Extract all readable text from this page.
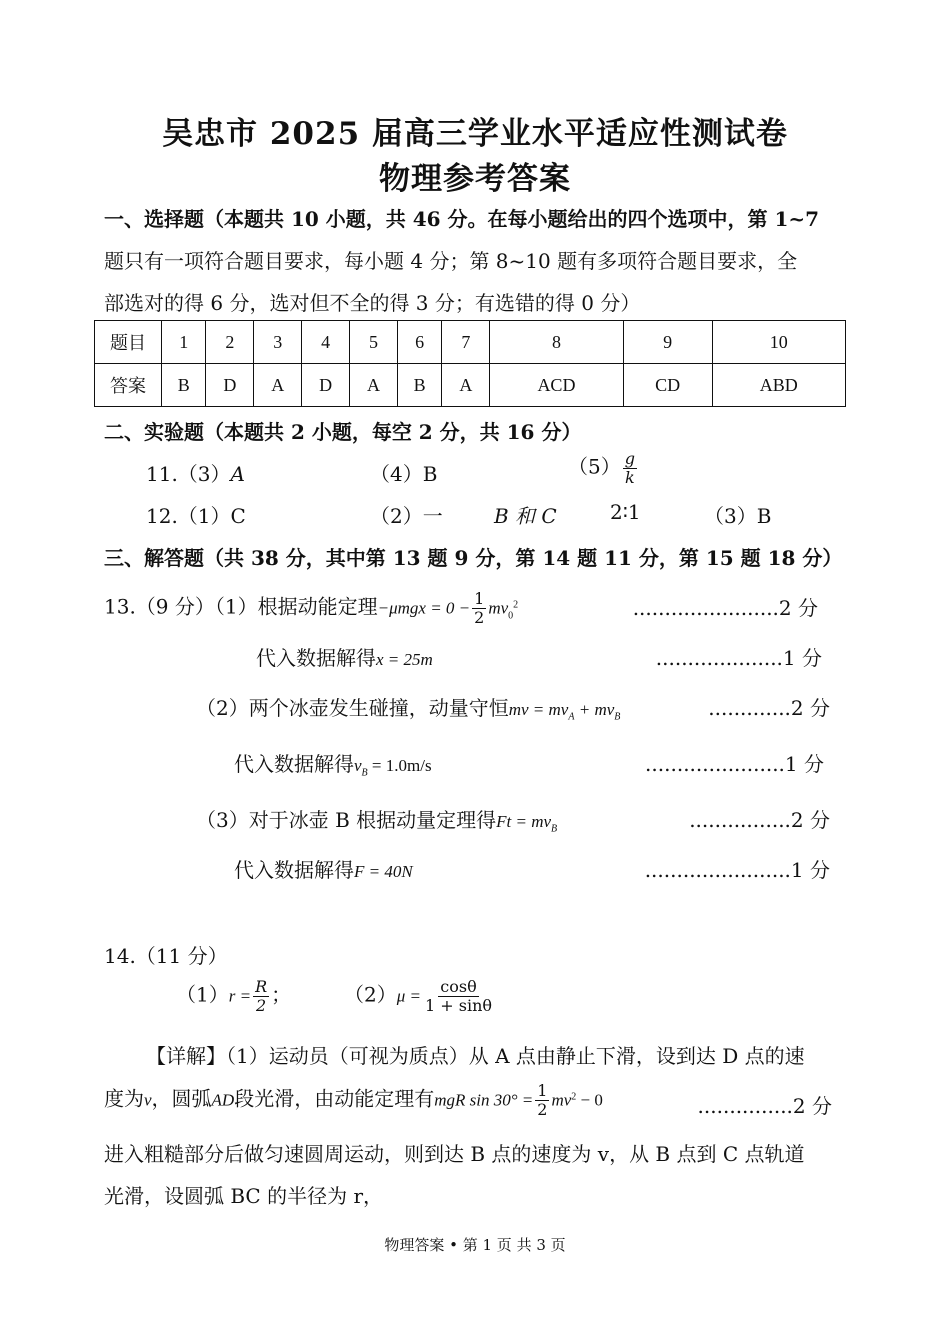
吴忠市 2025 届高三学业水平适应性测试卷
物理参考答案
一、选择题（本题共 10 小题，共 46 分。在每小题给出的四个选项中，第 1~7
题只有一项符合题目要求，每小题 4 分；第 8~10 题有多项符合题目要求，全
部选对的得 6 分，选对但不全的得 3 分；有选错的得 0 分）
题目	1	2	3	4	5	6	7	8	9	10
答案	B	D	A	D	A	B	A	ACD	CD	ABD
二、实验题（本题共 2 小题，每空 2 分，共 16 分）
11.（3）A	（4）B	$(5) \frac{g}{k}$
12.（1）C	（2）一	B 和 C	2∶1	（3）B
三、解答题（共 38 分，其中第 13 题 9 分，第 14 题 11 分，第 15 题 18 分）
13.（9 分）（1）根据动能定理$-\mu mgx = 0 - \frac{1}{2} mv_0^2$	.......................2 分
代入数据解得x = 25m	....................1 分
（2）两个冰壶发生碰撞，动量守恒mv = $mv_A + mv_B$	.............2 分
代入数据解得$v_B = 1.0m/s$	......................1 分
（3）对于冰壶 B 根据动量定理得$Ft = mv_B$	................2 分
代入数据解得F = 40N	.......................1 分
14.（11 分）
$(1)r = \frac{R}{2}$ ；	$(2)\mu = \frac{\cos\theta}{1 + \sin\theta}$
【详解】（1）运动员（可视为质点）从 A 点由静止下滑，设到达 D 点的速
度为v，圆弧AD段光滑，由动能定理有mgR $\sin 30^\circ = \frac{1}{2} mv^2 - 0$	...............2 分
进入粗糙部分后做匀速圆周运动，则到达 B 点的速度为 v，从 B 点到 C 点轨道
光滑，设圆弧 BC 的半径为 r，
物理答案 • 第 1 页 共 3 页
